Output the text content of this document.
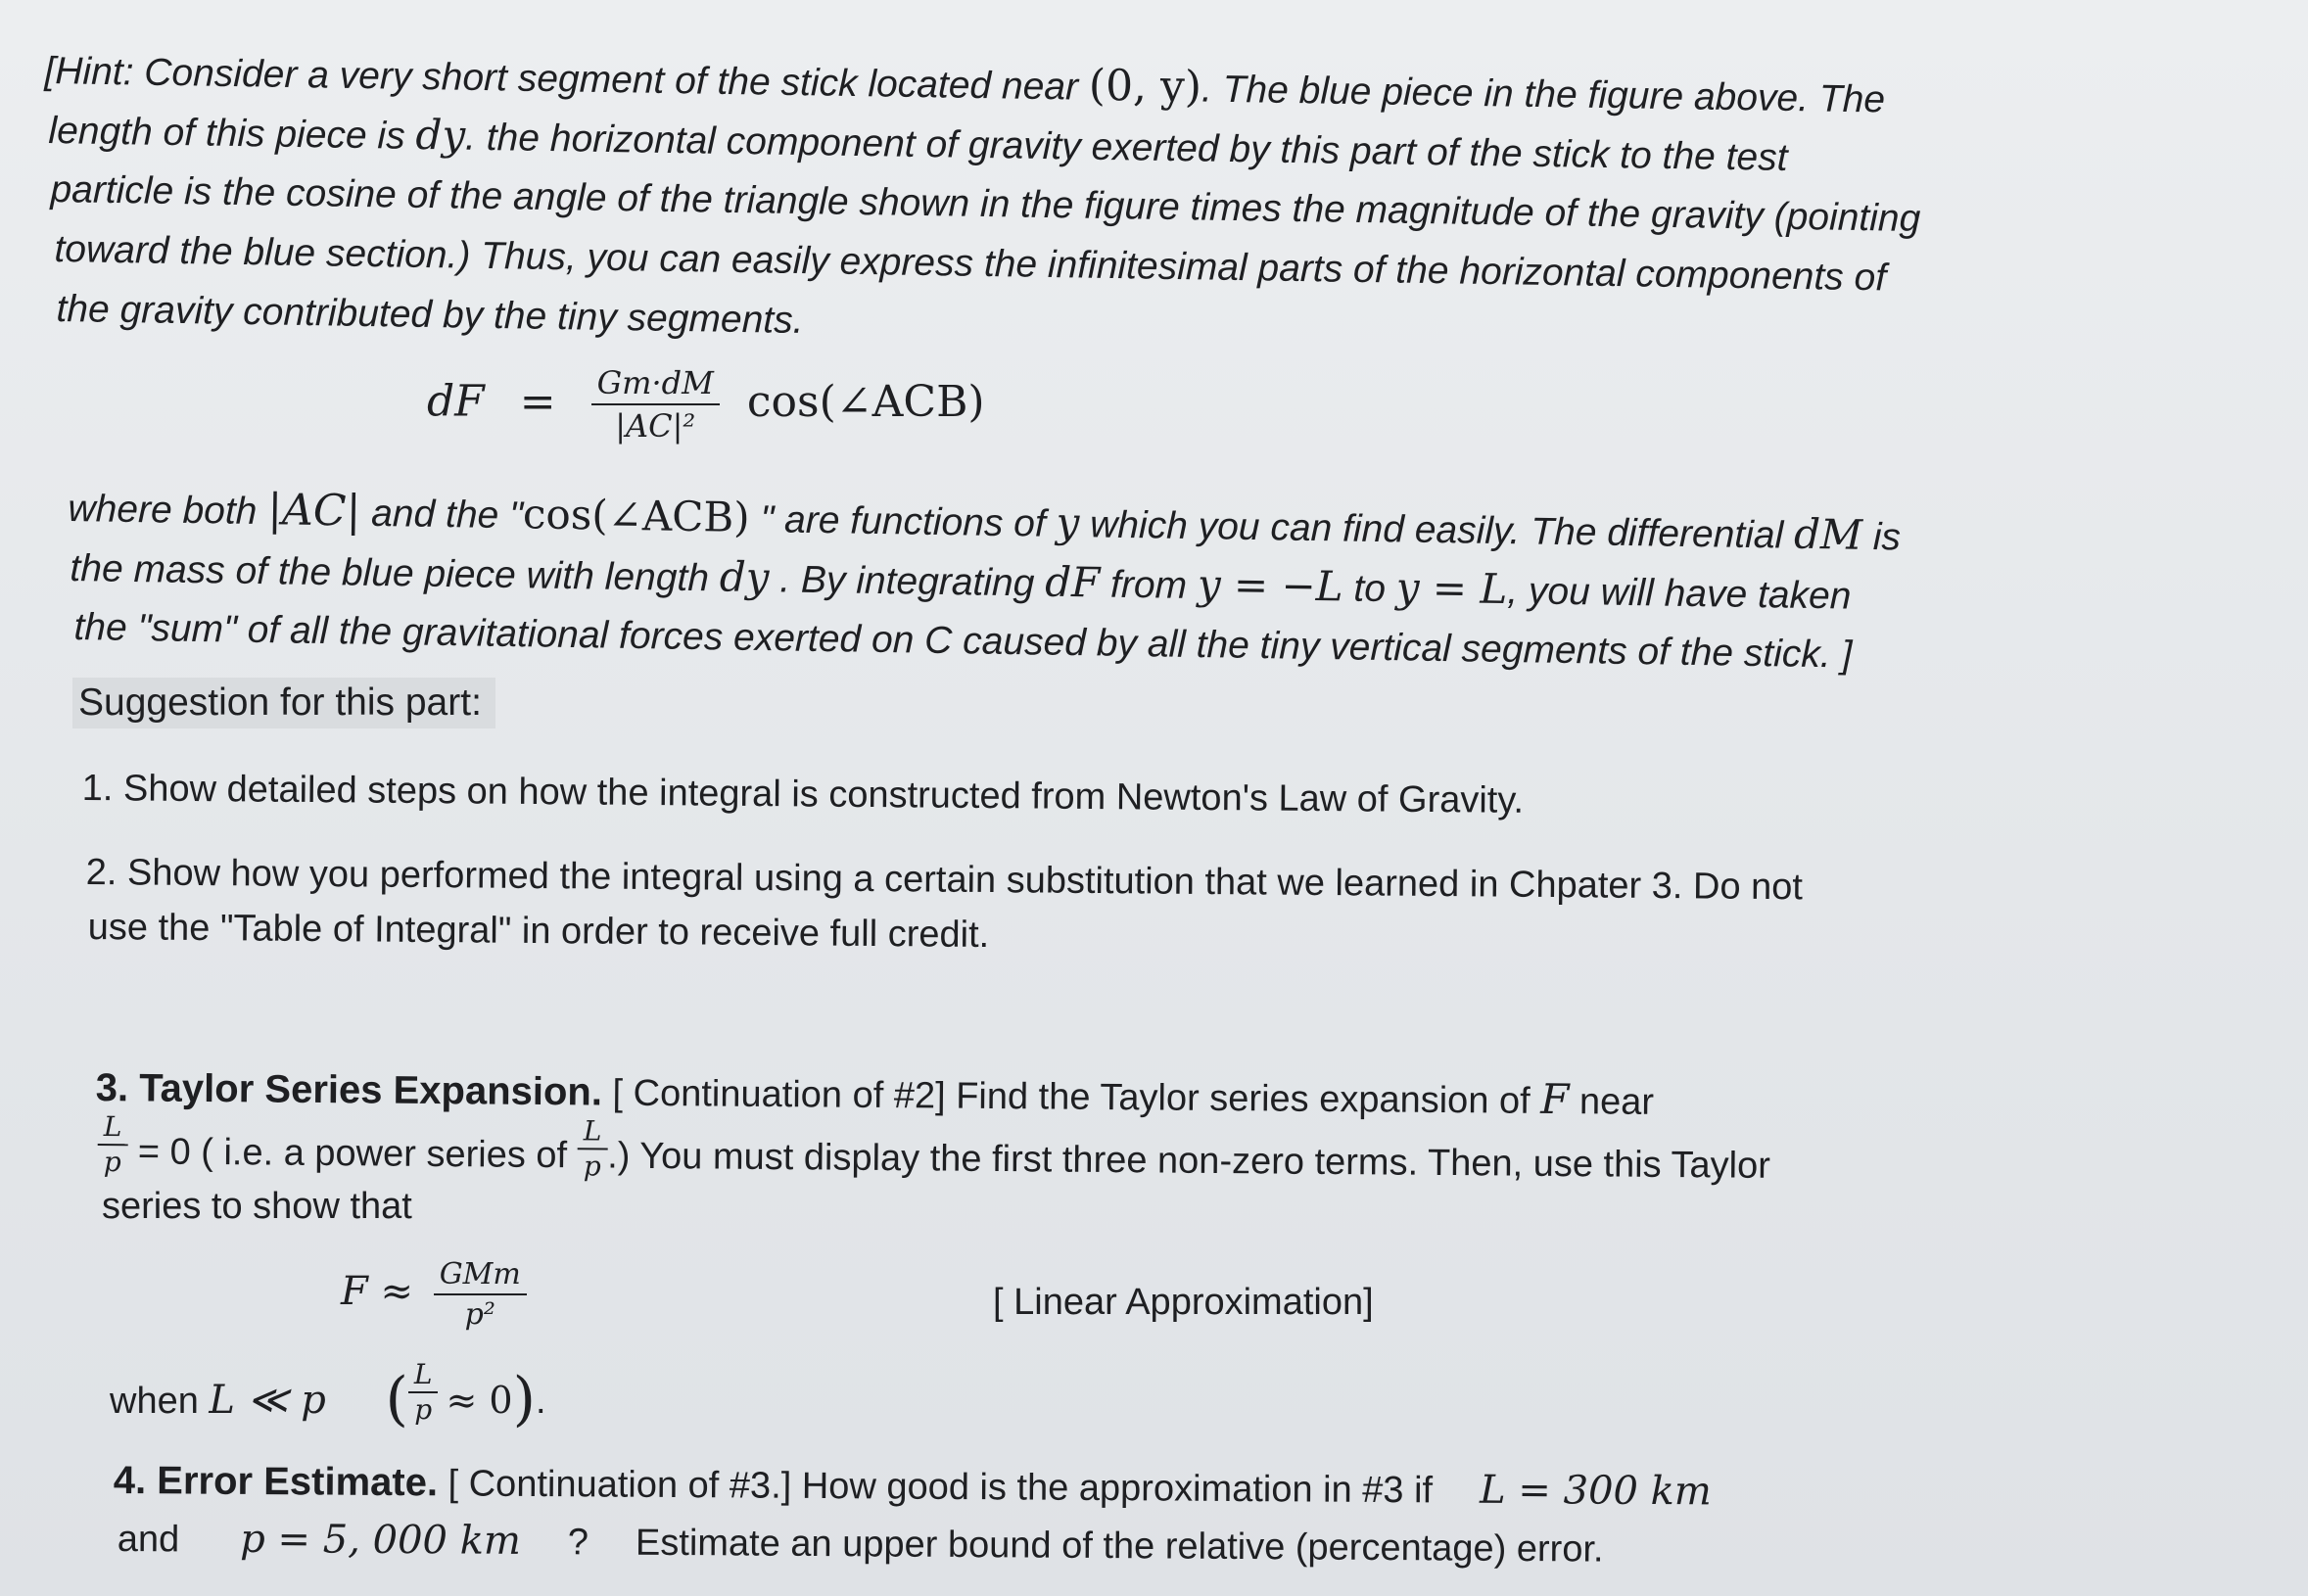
[Hint: Consider a very short segment of the stick located near (0, y). The blue piece in the figure above. The
length of this piece is dy. the horizontal component of gravity exerted by this part of the stick to the test
particle is the cosine of the angle of the triangle shown in the figure times the magnitude of the gravity (pointing
toward the blue section.) Thus, you can easily express the infinitesimal parts of the horizontal components of
the gravity contributed by the tiny segments.
dF = $\frac{Gm\cdot dM}{\text{|AC|²}}$ cos(∠ACB)
where both |AC| and the "cos(∠ACB) " are functions of y which you can find easily. The differential dM is
the mass of the blue piece with length dy . By integrating dF from y = −L to y = L, you will have taken
the "sum" of all the gravitational forces exerted on C caused by all the tiny vertical segments of the stick. ]
Suggestion for this part:
1. Show detailed steps on how the integral is constructed from Newton's Law of Gravity.
2. Show how you performed the integral using a certain substitution that we learned in Chpater 3. Do not
use the "Table of Integral" in order to receive full credit.
3. Taylor Series Expansion. [ Continuation of #2] Find the Taylor series expansion of F near
$\frac{L}{p} = 0$ ( i.e. a power series of $\frac{L}{p}$ .) You must display the first three non-zero terms. Then, use this Taylor
series to show that
$F \approx \frac{\text{GMm}}{\text{p²}}$	[ Linear Approximation]
when L ≪ p ( $\frac{L}{p} \approx 0$).
4. Error Estimate. [ Continuation of #3.] How good is the approximation in #3 if L = 300 km
and p = 5, 000 km ? Estimate an upper bound of the relative (percentage) error.
